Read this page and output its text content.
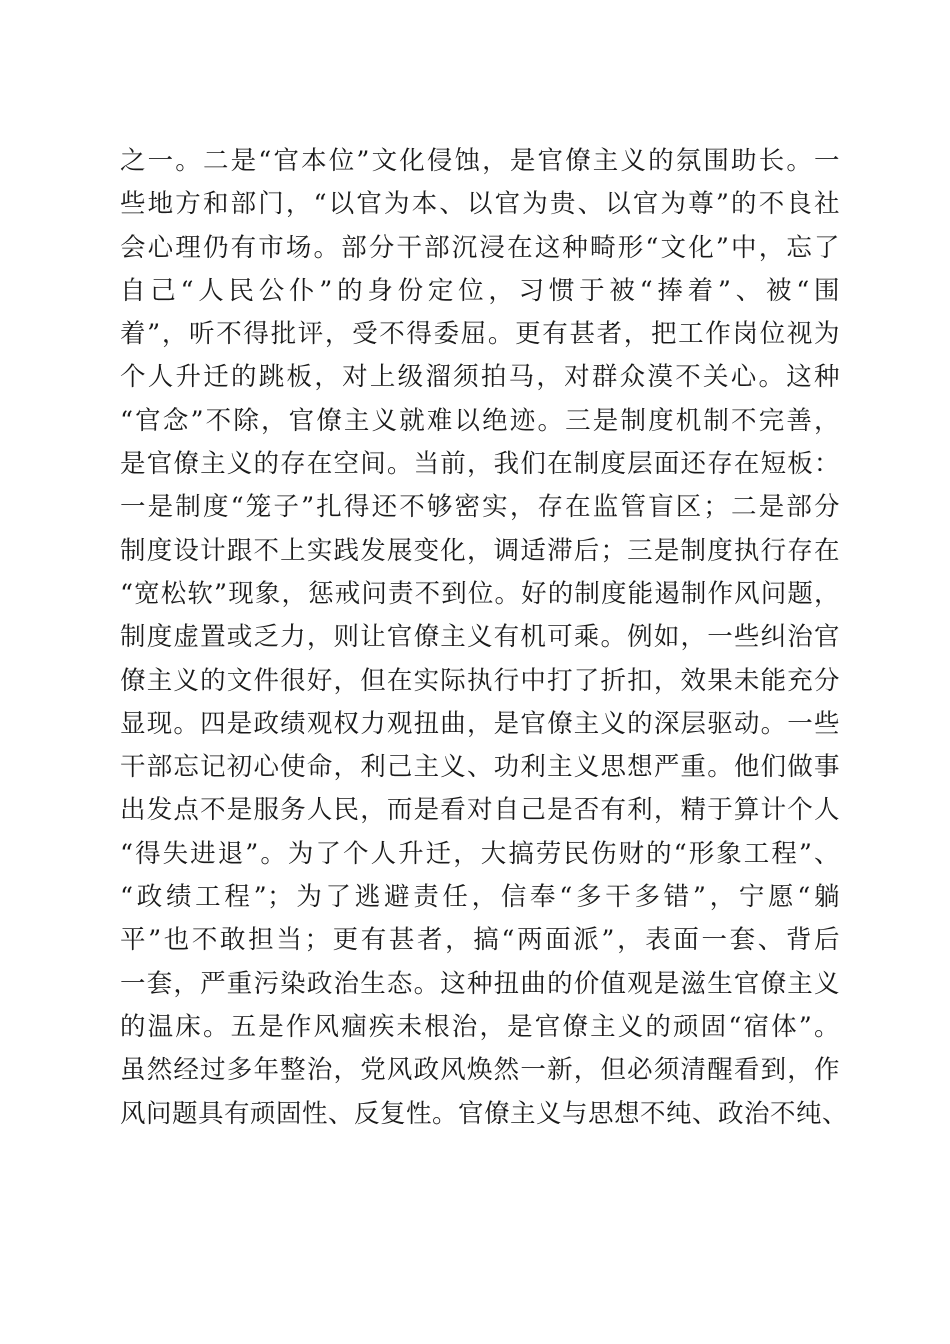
之一。二是“官本位”文化侵蚀，是官僚主义的氛围助长。一
些地方和部门，“以官为本、以官为贵、以官为尊”的不良社
会心理仍有市场。部分干部沉浸在这种畸形“文化”中，忘了
自己“人民公仆”的身份定位，习惯于被“捧着”、被“围
着”，听不得批评，受不得委屈。更有甚者，把工作岗位视为
个人升迁的跳板，对上级溜须拍马，对群众漠不关心。这种
“官念”不除，官僚主义就难以绝迹。三是制度机制不完善，
是官僚主义的存在空间。当前，我们在制度层面还存在短板：
一是制度“笼子”扎得还不够密实，存在监管盲区；二是部分
制度设计跟不上实践发展变化，调适滞后；三是制度执行存在
“宽松软”现象，惩戒问责不到位。好的制度能遏制作风问题，
制度虚置或乏力，则让官僚主义有机可乘。例如，一些纠治官
僚主义的文件很好，但在实际执行中打了折扣，效果未能充分
显现。四是政绩观权力观扭曲，是官僚主义的深层驱动。一些
干部忘记初心使命，利己主义、功利主义思想严重。他们做事
出发点不是服务人民，而是看对自己是否有利，精于算计个人
“得失进退”。为了个人升迁，大搞劳民伤财的“形象工程”、
“政绩工程”；为了逃避责任，信奉“多干多错”，宁愿“躺
平”也不敢担当；更有甚者，搞“两面派”，表面一套、背后
一套，严重污染政治生态。这种扭曲的价值观是滋生官僚主义
的温床。五是作风痼疾未根治，是官僚主义的顽固“宿体”。
虽然经过多年整治，党风政风焕然一新，但必须清醒看到，作
风问题具有顽固性、反复性。官僚主义与思想不纯、政治不纯、
